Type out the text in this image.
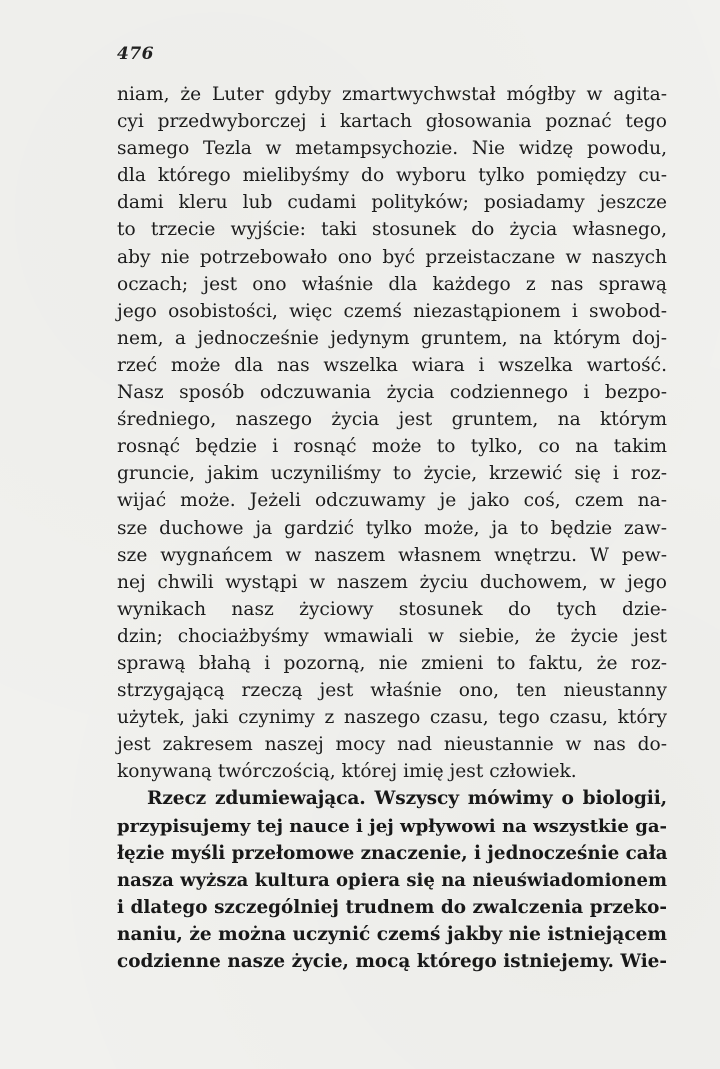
476
niam, że Luter gdyby zmartwychwstał mógłby w agita-
cyi przedwyborczej i kartach głosowania poznać tego
samego Tezla w metampsychozie. Nie widzę powodu,
dla którego mielibyśmy do wyboru tylko pomiędzy cu-
dami kleru lub cudami polityków; posiadamy jeszcze
to trzecie wyjście: taki stosunek do życia własnego,
aby nie potrzebowało ono być przeistaczane w naszych
oczach; jest ono właśnie dla każdego z nas sprawą
jego osobistości, więc czemś niezastąpionem i swobod-
nem, a jednocześnie jedynym gruntem, na którym doj-
rzeć może dla nas wszelka wiara i wszelka wartość.
Nasz sposób odczuwania życia codziennego i bezpo-
średniego, naszego życia jest gruntem, na którym
rosnąć będzie i rosnąć może to tylko, co na takim
gruncie, jakim uczyniliśmy to życie, krzewić się i roz-
wijać może. Jeżeli odczuwamy je jako coś, czem na-
sze duchowe ja gardzić tylko może, ja to będzie zaw-
sze wygnańcem w naszem własnem wnętrzu. W pew-
nej chwili wystąpi w naszem życiu duchowem, w jego
wynikach nasz życiowy stosunek do tych dzie-
dzin; chociażbyśmy wmawiali w siebie, że życie jest
sprawą błahą i pozorną, nie zmieni to faktu, że roz-
strzygającą rzeczą jest właśnie ono, ten nieustanny
użytek, jaki czynimy z naszego czasu, tego czasu, który
jest zakresem naszej mocy nad nieustannie w nas do-
konywaną twórczością, której imię jest człowiek.
Rzecz zdumiewająca. Wszyscy mówimy o biologii,
przypisujemy tej nauce i jej wpływowi na wszystkie ga-
łęzie myśli przełomowe znaczenie, i jednocześnie cała
nasza wyższa kultura opiera się na nieuświadomionem
i dlatego szczególniej trudnem do zwalczenia przeko-
naniu, że można uczynić czemś jakby nie istniejącem
codzienne nasze życie, mocą którego istniejemy. Wie-
